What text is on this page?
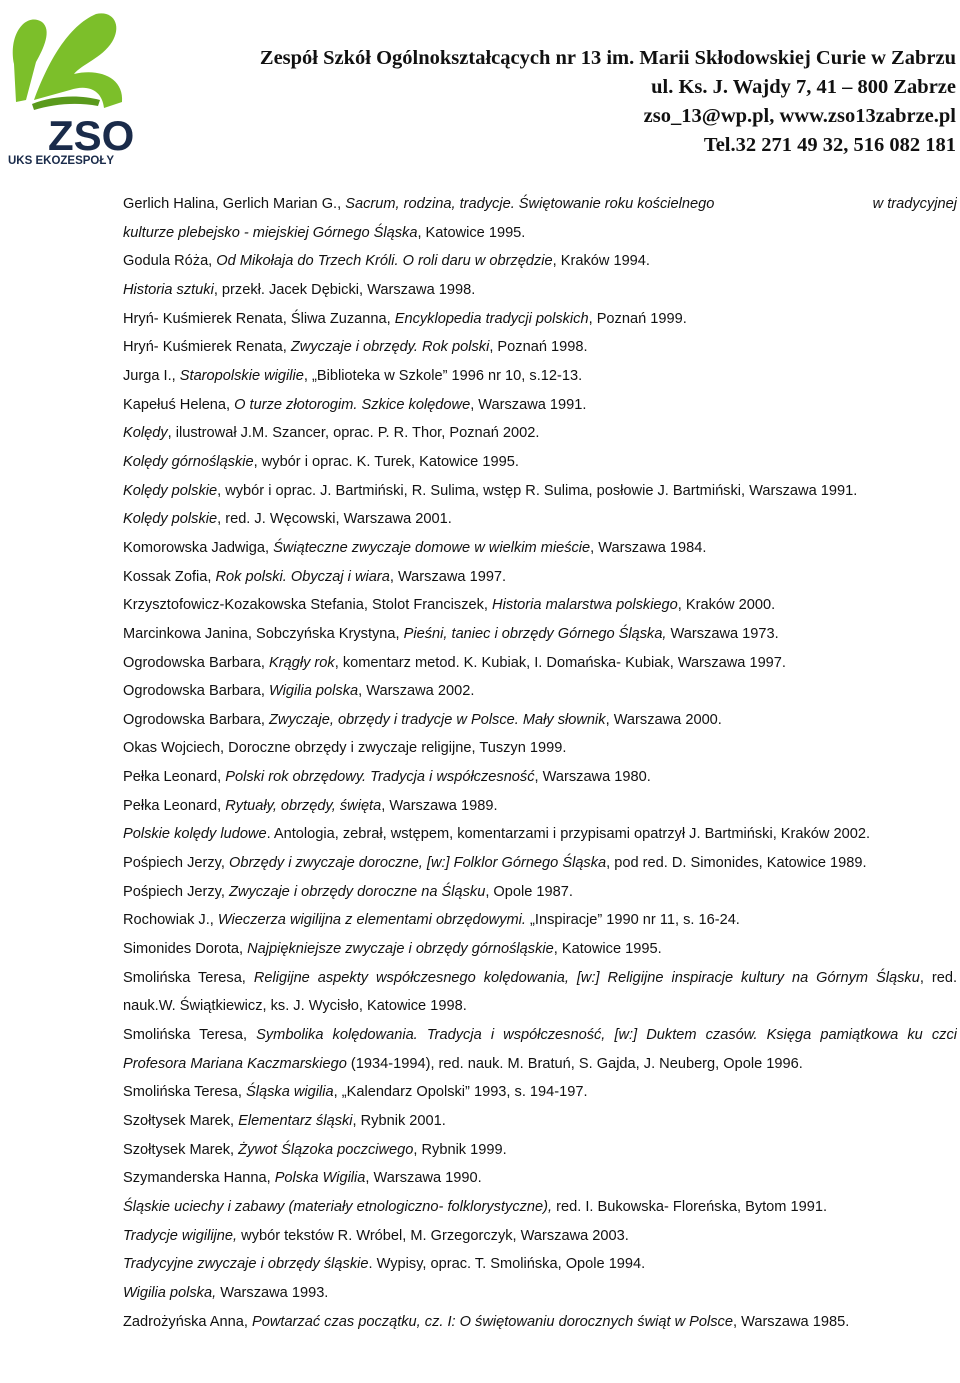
ZSO
UKS EKOZESPOŁY
Zespół Szkół Ogólnokształcących nr 13 im. Marii Skłodowskiej Curie w Zabrzu
ul. Ks. J. Wajdy 7, 41 – 800 Zabrze
zso_13@wp.pl, www.zso13zabrze.pl
Tel.32 271 49 32, 516 082 181
Gerlich Halina, Gerlich Marian G., Sacrum, rodzina, tradycje. Świętowanie roku kościelnego	w tradycyjnej
kulturze plebejsko - miejskiej Górnego Śląska, Katowice 1995.

Godula Róża, Od Mikołaja do Trzech Króli. O roli daru w obrzędzie, Kraków 1994.

Historia sztuki, przekł. Jacek Dębicki, Warszawa 1998.

Hryń- Kuśmierek Renata, Śliwa Zuzanna, Encyklopedia tradycji polskich, Poznań 1999.

Hryń- Kuśmierek Renata, Zwyczaje i obrzędy. Rok polski, Poznań 1998.

Jurga I., Staropolskie wigilie, „Biblioteka w Szkole” 1996 nr 10, s.12-13.

Kapełuś Helena, O turze złotorogim. Szkice kolędowe, Warszawa 1991.

Kolędy, ilustrował J.M. Szancer, oprac. P. R. Thor, Poznań 2002.

Kolędy górnośląskie, wybór i oprac. K. Turek, Katowice 1995.

Kolędy polskie, wybór i oprac. J. Bartmiński, R. Sulima, wstęp R. Sulima, posłowie J. Bartmiński, Warszawa 1991.

Kolędy polskie, red. J. Węcowski, Warszawa 2001.

Komorowska Jadwiga, Świąteczne zwyczaje domowe w wielkim mieście, Warszawa 1984.

Kossak Zofia, Rok polski. Obyczaj i wiara, Warszawa 1997.

Krzysztofowicz-Kozakowska Stefania, Stolot Franciszek, Historia malarstwa polskiego, Kraków 2000.

Marcinkowa Janina, Sobczyńska Krystyna, Pieśni, taniec i obrzędy Górnego Śląska, Warszawa 1973.

Ogrodowska Barbara, Krągły rok, komentarz metod. K. Kubiak, I. Domańska- Kubiak, Warszawa 1997.

Ogrodowska Barbara, Wigilia polska, Warszawa 2002.

Ogrodowska Barbara, Zwyczaje, obrzędy i tradycje w Polsce. Mały słownik, Warszawa 2000.

Okas Wojciech, Doroczne obrzędy i zwyczaje religijne, Tuszyn 1999.

Pełka Leonard, Polski rok obrzędowy. Tradycja i współczesność, Warszawa 1980.

Pełka Leonard, Rytuały, obrzędy, święta, Warszawa 1989.

Polskie kolędy ludowe. Antologia, zebrał, wstępem, komentarzami i przypisami opatrzył J. Bartmiński, Kraków 2002.

Pośpiech Jerzy, Obrzędy i zwyczaje doroczne, [w:] Folklor Górnego Śląska, pod red. D. Simonides, Katowice 1989.

Pośpiech Jerzy, Zwyczaje i obrzędy doroczne na Śląsku, Opole 1987.

Rochowiak J., Wieczerza wigilijna z elementami obrzędowymi. „Inspiracje” 1990 nr 11, s. 16-24.

Simonides Dorota, Najpiękniejsze zwyczaje i obrzędy górnośląskie, Katowice 1995.

Smolińska Teresa, Religijne aspekty współczesnego kolędowania, [w:] Religijne inspiracje kultury na Górnym Śląsku, red. nauk.W. Świątkiewicz, ks. J. Wycisło, Katowice 1998.

Smolińska Teresa, Symbolika kolędowania. Tradycja i współczesność, [w:] Duktem czasów. Księga pamiątkowa ku czci Profesora Mariana Kaczmarskiego (1934-1994), red. nauk. M. Bratuń, S. Gajda, J. Neuberg, Opole 1996.

Smolińska Teresa, Śląska wigilia, „Kalendarz Opolski” 1993, s. 194-197.

Szołtysek Marek, Elementarz śląski, Rybnik 2001.

Szołtysek Marek, Żywot Ślązoka poczciwego, Rybnik 1999.

Szymanderska Hanna, Polska Wigilia, Warszawa 1990.

Śląskie uciechy i zabawy (materiały etnologiczno- folklorystyczne), red. I. Bukowska- Floreńska, Bytom 1991.

Tradycje wigilijne, wybór tekstów R. Wróbel, M. Grzegorczyk, Warszawa 2003.

Tradycyjne zwyczaje i obrzędy śląskie. Wypisy, oprac. T. Smolińska, Opole 1994.

Wigilia polska, Warszawa 1993.

Zadrożyńska Anna, Powtarzać czas początku, cz. I: O świętowaniu dorocznych świąt w Polsce, Warszawa 1985.
